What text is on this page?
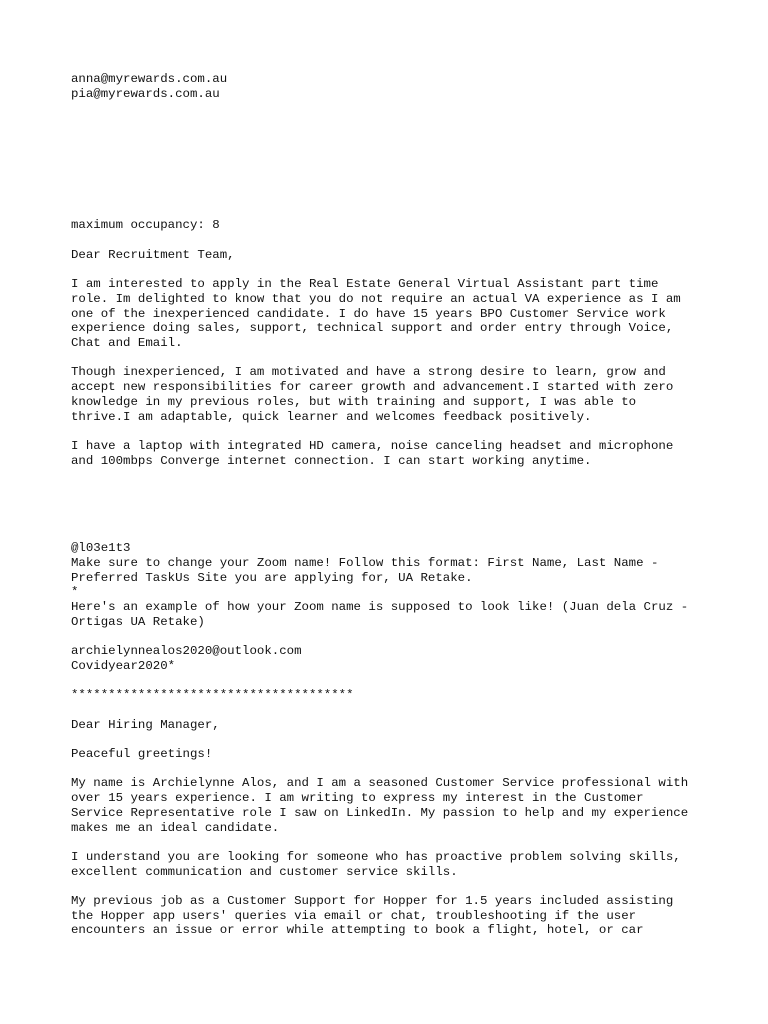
anna@myrewards.com.au

pia@myrewards.com.au

maximum occupancy: 8

Dear Recruitment Team,

I am interested to apply in the Real Estate General Virtual Assistant part time
role. Im delighted to know that you do not require an actual VA experience as I am
one of the inexperienced candidate. I do have 15 years BPO Customer Service work
experience doing sales, support, technical support and order entry through Voice,
Chat and Email.

Though inexperienced, I am motivated and have a strong desire to learn, grow and
accept new responsibilities for career growth and advancement.I started with zero
knowledge in my previous roles, but with training and support, I was able to
thrive.I am adaptable, quick learner and welcomes feedback positively.

I have a laptop with integrated HD camera, noise canceling headset and microphone
and 100mbps Converge internet connection. I can start working anytime.

@l03e1t3

Make sure to change your Zoom name! Follow this format: First Name, Last Name -
Preferred TaskUs Site you are applying for, UA Retake.
*

Here's an example of how your Zoom name is supposed to look like! (Juan dela Cruz -
Ortigas UA Retake)

archielynnealos2020@outlook.com

Covidyear2020*

**************************************

Dear Hiring Manager,

Peaceful greetings!

My name is Archielynne Alos, and I am a seasoned Customer Service professional with
over 15 years experience. I am writing to express my interest in the Customer
Service Representative role I saw on LinkedIn. My passion to help and my experience
makes me an ideal candidate.

I understand you are looking for someone who has proactive problem solving skills,
excellent communication and customer service skills.

My previous job as a Customer Support for Hopper for 1.5 years included assisting
the Hopper app users' queries via email or chat, troubleshooting if the user
encounters an issue or error while attempting to book a flight, hotel, or car
